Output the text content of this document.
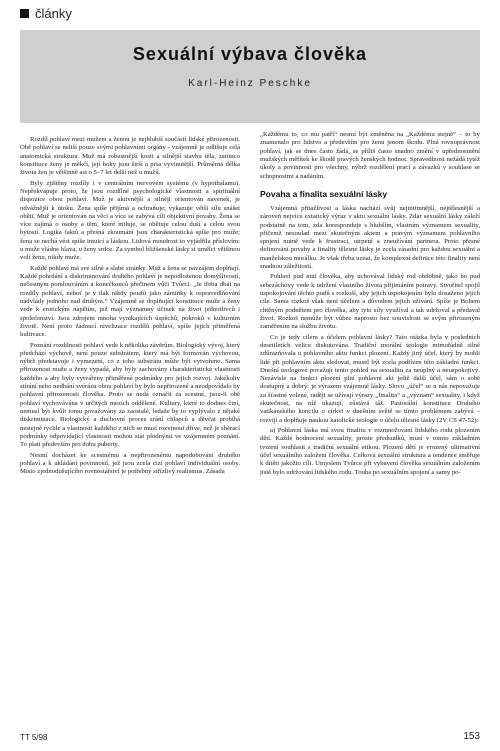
články
Sexuální výbava člověka
Karl-Heinz Peschke

Rozdíl pohlaví mezi mužem a ženou je nejhlubší součástí lidské přirozenosti. Obě pohlaví se neliší pouze svými pohlavními orgány - vzájemně je odlišuje celá anatomická struktura. Muž má robustnější kosti a silnější stavbu těla, zatímco konstituce ženy je měkčí, její boky jsou širší a prsa vyvinutější. Průměrná délka života žen je většinně asi o 5–7 let delší než u mužů.

Byly zjištěny rozdíly i v centrálním nervovém systému (v hypothalamu). Nepřekvapuje proto, že jsou rozdílné psychologické vlastnosti a spirituální dispozice obou pohlaví. Muž je aktivnější a silněji orientován navenek, je odvážnější k útoku. Žena spíše přijímá a ochraňuje; vykazuje větší sílu snášet oběti. Muž je orientován na věci a více se zabývá cíli objektivní povahy. Žena se více zajímá o osoby a těm, které miluje, se obětuje celou duší a celou svou bytostí. Logika faktů a přesná zkoumání jsou charakteristická spíše pro muže; žena se nechá vést spíše intuicí a láskou. Lidová moudrost to vyjádřila příslovím: u muže vládne hlava, u ženy srdce. Za symbol bližšenské lásky si umělci většinou volí ženu, nikdy muže.

Každé pohlaví má své silné a slabé stránky. Muž a žena se navzájem doplňují. Každé pohrdání a diskriminování druhého pohlaví je nepodloženou domýšlivostí, nečestným pomlouváním a konečkonců přečinem vůči Tvůrci. „Je třeba dbát na rozdíly pohlaví, neboť je v tlak nikdy použít jako záminky k ospravedlňování nadvlády jednoho nad druhým.“ Vzájemně se doplňující konstituce muže a ženy vede k erotickým napětím, jež mají významný účinek na život jednotlivců i společenství. Jsou zdrojem mnoha vynikajících úspěchů, pokroků v kulturním životě. Není proto žádoucí nivelizace rozdílů pohlaví, spíše jejich přiměřená kultivace.

Poznání rozdílnosti pohlaví vede k několika závěrům. Biologický vývoj, který předchází výchově, není pouze substrátem, který má být formován výchovou, nýbrž představuje i vymezení, co z toho substrátu může být vytvořeno. Sama přirozenost muže a ženy vypadá, aby byly zachovány charakteristické vlastnosti každého a aby byly vytvářeny přiměřené podmínky pro jejich rozvoj. Jakékoliv stírání nebo nedbání svérázu obou pohlaví by bylo nepřirozené a neodpovídalo by pohlavní přirozenosti člověka. Proto se nedá označit za scestné, jsou-li obě pohlaví vychovávána v určitých mezích odděleně. Kultury, které to dodnes činí, nemusí být kvůli tomu považovány za zaostalé, ledaže by to vyplývalo z nějaké diskriminace. Biologický a duchovní proces zrání chlapců a děvčat probíhá nestejně rychle a vlastnosti každého z nich se musí rozvinout dříve, než je sběrací podmínky odpovídající vlastnosti mohou stát plodnými ve vzájemném poznání. To platí především pro dobu puberty.

Nesmí docházet ke scestnému a nepřirozenému napodobování druhého pohlaví a k ukládání povinností, jež jsou zcela cizí pohlaví individuální osoby. Místo zjednodušujícího rovnostářství je potřebný střízlivý realismus. Zásada

„Každému to, co mu patří“ nesmí být změněna na „Každému stejně“ – to by znamenalo pro lidstvo a především pro ženu jenom škodu. Plná rovnoprávnost pohlaví, jak se dnes často žádá, se příliš často snadno změní v upřednostnění mužských měřítek ke škodě pravých ženských hodnot. Spravedlnost nežádá tytéž úkoly a povinnosti pro všechny, nýbrž rozdělení prací a závazků v souhlase se schopnostmi a nadáním.

Povaha a finalita sexuální lásky

Vzájemná přitažlivost a láska nachází svůj nejintimnější, nejtělesnější a zároveň nejvíce extatický výraz v aktu sexuální lásky. Zdar sexuální lásky záleží podstatně na tom, zda koresponduje s hlubším, vlastním významem sexuality, přičemž nesoulad mezi skutečným aktem a pravým významem pohlavního spojení nutně vede k frustraci, utrpení a zneužívání partnera. Proto přesné definování povahy a finality tělesné lásky je zcela zásadní pro každou sexuální a manželskou morálku. Je však třeba uznat, že komplexní definice této finality není snadnou záležitostí.

Pohlaví pud nutí člověka, aby uchovával lidský rod obdobně, jako ho pud sebezáchovy vede k udržení vlastního života přijímáním potravy. Stvořitel spojil uspokojování těchto pudů s rozkoší, aby jejich uspokojením bylo dosaženo jejich cíle. Sama rozkoš však není účelem a důvodem jejich užívání. Spíše je Bohem chtěným podnětem pro člověka, aby tyto síly využíval a tak udržoval a předával život. Rozkoš nemůže být vůbec naprosto bez souvislosti se svým přirozeným zaměřením na službu životu.

Co je tedy cílem a účelem pohlavní lásky? Tato otázka byla v posledních desetiletích velice diskutována. Tradiční morální teologie mimořádně silně zdůrazňovala u pohlavního aktu funkci plození. Každý jiný účel, který by mohli lidé při pohlavním aktu sledovat, musel být zcela podřízen této základní funkci. Dnešní teologové považují tento pohled na sexualitu za neúplný a neuspokojivý. Nezávisle na funkci plození plní pohlavní akt ještě další účel, sám o sobě dostupný a dobrý: je výrazem vzájemné lásky. Slovo „účel“ se u nás nepovažuje za šťastné volené, raději se užívají výrazy „finalita“ a „význam“ sexuality, i když skutečnost, na níž ukazují, zůstává táž. Pastorální konstituce Druhého vatikánského koncilu o církvi v dnešním světě se tímto problémem zabývá – rozvíjí a doplňuje naukou katolické teologie o účelu tělesné lásky (2V CS 47-52):

a) Pohlavní láska má svou finalitu v rozmnožování lidského rodu plozením dětí. Každé hodnocení sexuality, proste předsudků, musí v tomto základním tvrzení souhlasit s tradiční sexuální etikou. Plození dětí je vrozený ultimativní účel sexuálního založení člověka. Celková sexuální struktura a tendence směřuje k dítěti jakožto cíli. Umyslem Tvůrce při vybavení člověka sexuálním založením jistě bylo udržování lidského rodu. Touha po sexuálním spojení a samy po-

TT 5/98	153
